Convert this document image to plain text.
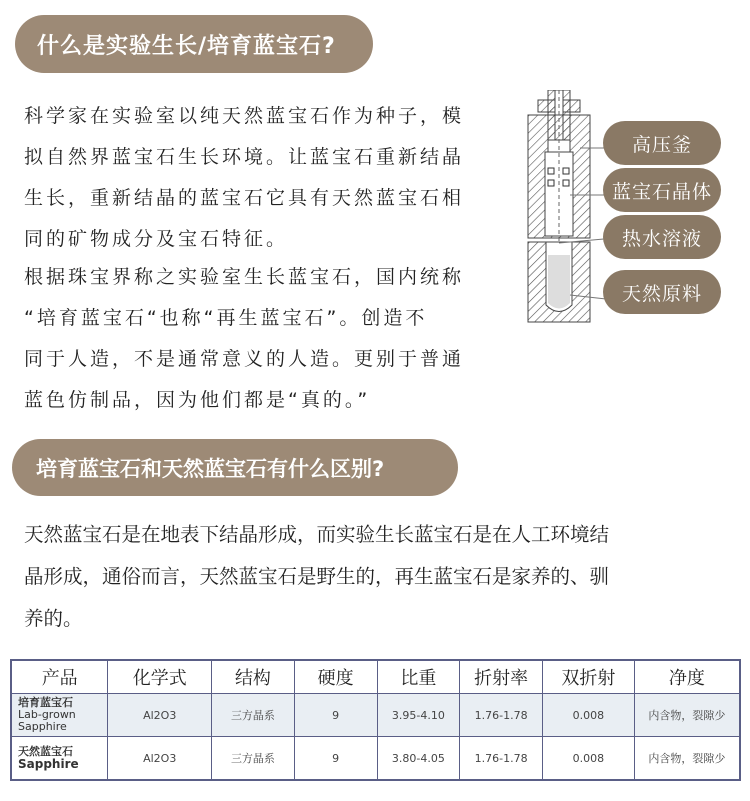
什么是实验生长/培育蓝宝石?
科学家在实验室以纯天然蓝宝石作为种子，模
拟自然界蓝宝石生长环境。让蓝宝石重新结晶
生长，重新结晶的蓝宝石它具有天然蓝宝石相
同的矿物成分及宝石特征。
根据珠宝界称之实验室生长蓝宝石，国内统称
“培育蓝宝石“也称“再生蓝宝石”。创造不
同于人造，不是通常意义的人造。更别于普通
蓝色仿制品，因为他们都是“真的。”
高压釜
蓝宝石晶体
热水溶液
天然原料
培育蓝宝石和天然蓝宝石有什么区别?
天然蓝宝石是在地表下结晶形成，而实验生长蓝宝石是在人工环境结
晶形成，通俗而言，天然蓝宝石是野生的，再生蓝宝石是家养的、驯
养的。
产品	化学式	结构	硬度	比重	折射率	双折射	净度

培育蓝宝石
Lab-grown
Sapphire	Al2O3	三方晶系	9	3.95-4.10	1.76-1.78	0.008	内含物，裂隙少

天然蓝宝石
Sapphire	Al2O3	三方晶系	9	3.80-4.05	1.76-1.78	0.008	内含物，裂隙少
